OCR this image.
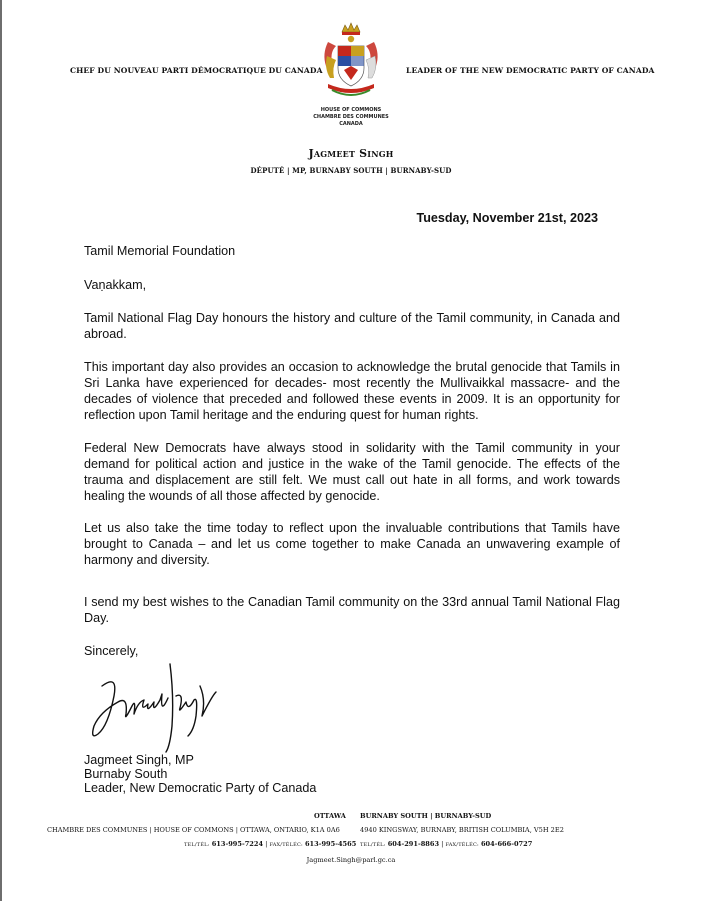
CHEF DU NOUVEAU PARTI DÉMOCRATIQUE DU CANADA	LEADER OF THE NEW DEMOCRATIC PARTY OF CANADA
HOUSE OF COMMONS
CHAMBRE DES COMMUNES
CANADA
Jagmeet Singh
DÉPUTÉ | MP, BURNABY SOUTH | BURNABY-SUD
Tuesday, November 21st, 2023
Tamil Memorial Foundation
Vaṇakkam,
Tamil National Flag Day honours the history and culture of the Tamil community, in Canada and abroad.
This important day also provides an occasion to acknowledge the brutal genocide that Tamils in Sri Lanka have experienced for decades- most recently the Mullivaikkal massacre- and the decades of violence that preceded and followed these events in 2009. It is an opportunity for reflection upon Tamil heritage and the enduring quest for human rights.
Federal New Democrats have always stood in solidarity with the Tamil community in your demand for political action and justice in the wake of the Tamil genocide. The effects of the trauma and displacement are still felt. We must call out hate in all forms, and work towards healing the wounds of all those affected by genocide.
Let us also take the time today to reflect upon the invaluable contributions that Tamils have brought to Canada – and let us come together to make Canada an unwavering example of harmony and diversity.
I send my best wishes to the Canadian Tamil community on the 33rd annual Tamil National Flag Day.
Sincerely,
Jagmeet Singh, MP
Burnaby South
Leader, New Democratic Party of Canada
OTTAWA BURNABY SOUTH | BURNABY-SUD
CHAMBRE DES COMMUNES | HOUSE OF COMMONS | OTTAWA, ONTARIO, K1A 0A6	4940 KINGSWAY, BURNABY, BRITISH COLUMBIA, V5H 2E2
TEL/TÉL: 613-995-7224 | FAX/TÉLÉC: 613-995-4565 TEL/TÉL: 604-291-8863 | FAX/TÉLÉC: 604-666-0727
Jagmeet.Singh@parl.gc.ca
